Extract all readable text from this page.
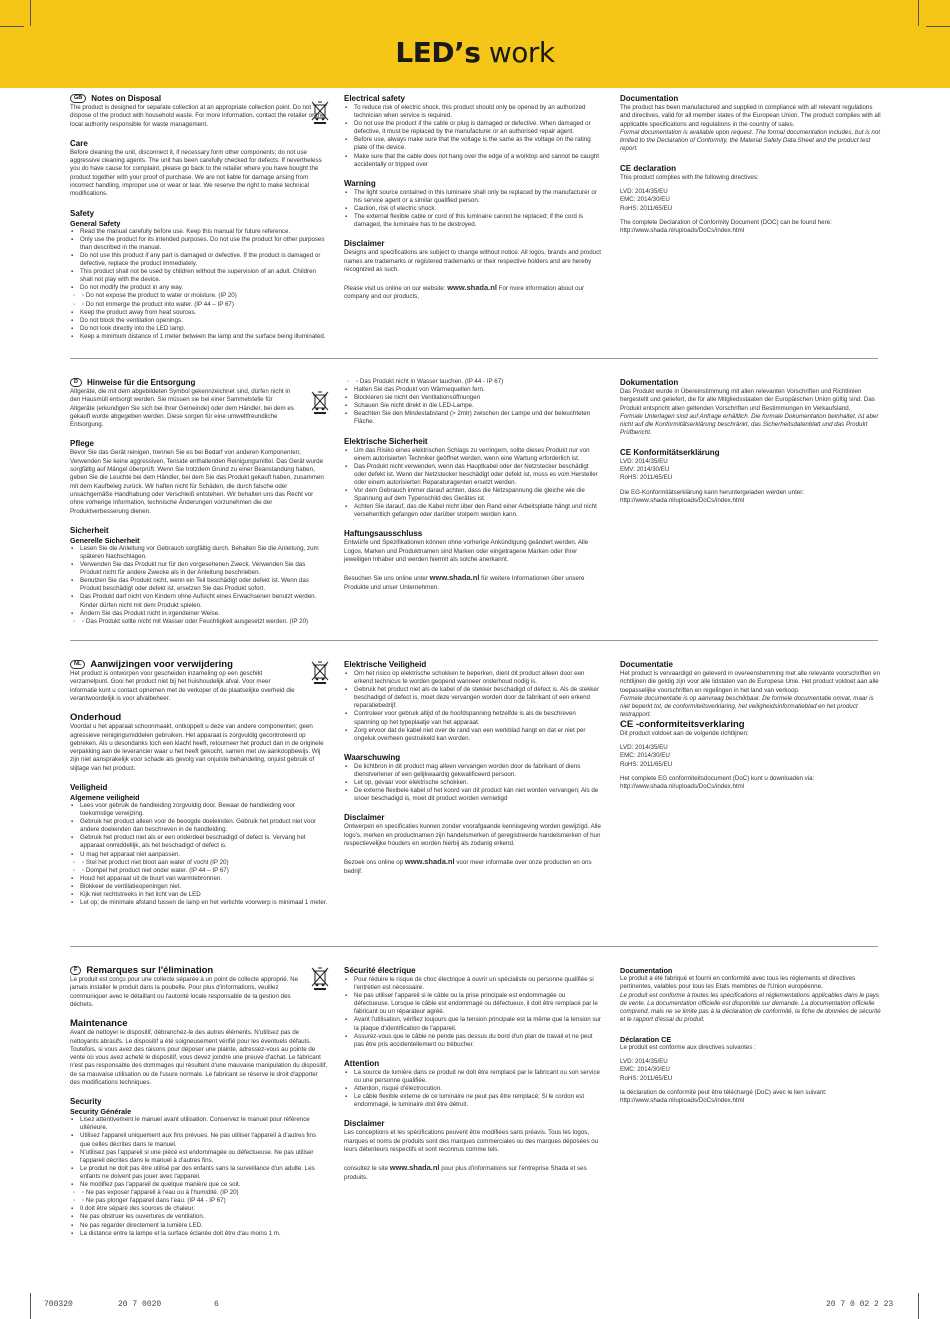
LED’s work

GB Notes on Disposal

The product is designed for separate collection at an appropriate collection point. Do not dispose of the product with household waste. For more information, contact the retailer or the local authority responsible for waste management.

Care

Before cleaning the unit, disconnect it, if necessary form other components; do not use aggressive cleaning agents. The unit has been carefully checked for defects. If nevertheless you do have cause for complaint, please go back to the retailer where you have bought the product together with your proof of purchase. We are not liable for damage arising from incorrect handling, improper use or wear or tear. We reserve the right to make technical modifications.

Safety

General Safety

▪ Read the manual carefully before use. Keep this manual for future reference.
▪ Only use the product for its intended purposes. Do not use the product for other purposes than described in the manual.
▪ Do not use this product if any part is damaged or defective. If the product is damaged or defective, replace the product immediately.
▪ This product shall not be used by children without the supervision of an adult. Children shall not play with the device.
▪ Do not modify the product in any way.
◦ ◦ Do not expose the product to water or moisture. (IP 20)
◦ ◦ Do not immerge the product into water. (IP 44 – IP 67)
▪ Keep the product away from heat sources.
▪ Do not block the ventilation openings.
▪ Do not look directly into the LED lamp.
▪ Keep a minimum distance of 1 meter between the lamp and the surface being illuminated.

Electrical safety

▪ To reduce risk of electric shock, this product should only be opened by an authorized technician when service is required.
▪ Do not use the product if the cable or plug is damaged or defective. When damaged or defective, it must be replaced by the manufacturer or an authorised repair agent.
▪ Before use, always make sure that the voltage is the same as the voltage on the rating plate of the device.
▪ Make sure that the cable does not hang over the edge of a worktop and cannot be caught accidentally or tripped over

Warning

▪ The light source contained in this luminaire shall only be replaced by the manufacturer or his service agent or a similar qualified person.
▪ Caution, risk of electric shock.
▪ The external flexible cable or cord of this luminaire cannot be replaced; if the cord is damaged, the luminaire has to be destroyed.

Disclaimer

Designs and specifications are subject to change without notice. All logos, brands and product names are trademarks or registered trademarks or their respective holders and are hereby recognized as such.

Please visit us online on our website: www.shada.nl For more information about our company and our products,

Documentation

The product has been manufactured and supplied in compliance with all relevant regulations and directives, valid for all member states of the European Union. The product complies with all applicable specifications and regulations in the country of sales.

Formal documentation is available upon request. The formal documentation includes, but is not limited to the Declaration of Conformity, the Material Safety Data Sheet and the product test report.

CE declaration

This product complies with the following directives:

LVD: 2014/35/EU

EMC: 2014/30/EU

RoHS: 2011/65/EU

The complete Declaration of Conformity Document (DOC) can be found here:

http://www.shada.nl/uploads/DoCs/index.html

D Hinweise für die Entsorgung

Altgeräte, die mit dem abgebildeten Symbol gekennzeichnet sind, dürfen nicht in den Hausmüll entsorgt werden. Sie müssen sie bei einer Sammelstelle für Altgeräte (erkundigen Sie sich bei Ihrer Gemeinde) oder dem Händler, bei dem es gekauft wurde abgegeben werden. Diese sorgen für eine umweltfreundliche Entsorgung.

Pflege

Bevor Sie das Gerät reinigen, trennen Sie es bei Bedarf von anderen Komponenten; Verwenden Sie keine aggressiven, Tenside enthaltenden Reinigungsmittel. Das Gerät wurde sorgfältig auf Mängel überprüft. Wenn Sie trotzdem Grund zu einer Beanstandung haben, geben Sie die Leuchte bei dem Händler, bei dem Sie das Produkt gekauft haben, zusammen mit dem Kaufbeleg zurück. Wir haften nicht für Schäden, die durch falsche oder unsachgemäße Handhabung oder Verschleiß entstehen. Wir behalten uns das Recht vor ohne vorherige Information, technische Änderungen vorzunehmen die der Produktverbesserung dienen.

Sicherheit

Generelle Sicherheit

▪ Lesen Sie die Anleitung vor Gebrauch sorgfältig durch. Behalten Sie die Anleitung, zum späteren Nachschlagen.
▪ Verwenden Sie das Produkt nur für den vorgesehenen Zweck. Verwenden Sie das Produkt nicht für andere Zwecke als in der Anleitung beschrieben.
▪ Benutzen Sie das Produkt nicht, wenn ein Teil beschädigt oder defekt ist. Wenn das Produkt beschädigt oder defekt ist, ersetzen Sie das Produkt sofort.
▪ Das Produkt darf nicht von Kindern ohne Aufsicht eines Erwachsenen benutzt werden. Kinder dürfen nicht mit dem Produkt spielen.
▪ Ändern Sie das Produkt nicht in irgendeiner Weise.
◦ ◦ Das Produkt sollte nicht mit Wasser oder Feuchtigkeit ausgesetzt werden. (IP 20)
◦ ◦ Das Produkt nicht in Wasser tauchen. (IP 44 - IP 67)
▪ Halten Sie das Produkt von Wärmequellen fern.
▪ Blockieren sie nicht den Ventilationsöffnungen
▪ Schauen Sie nicht direkt in die LED-Lampe.
▪ Beachten Sie den Mindestabstand (> 2mtr) zwischen der Lampe und der beleuchteten Fläche.

Elektrische Sicherheit

▪ Um das Risiko eines elektrischen Schlags zu verringern, sollte dieses Produkt nur von einem autorisierten Techniker geöffnet werden, wenn eine Wartung erforderlich ist.
▪ Das Produkt nicht verwenden, wenn das Hauptkabel oder der Netzstecker beschädigt oder defekt ist. Wenn der Netzstecker beschädigt oder defekt ist, muss es vom Hersteller oder einem autorisierten Reparaturagenten ersetzt werden.
▪ Vor dem Gebrauch immer darauf achten, dass die Netzspannung die gleiche wie die Spannung auf dem Typenschild des Gerätes ist.
▪ Achten Sie darauf, das die Kabel nicht über den Rand einer Arbeitsplatte hängt und nicht versehentlich gefangen oder darüber stolpern werden kann.

Haftungsausschluss

Entwürfe und Spezifikationen können ohne vorherige Ankündigung geändert werden. Alle Logos, Marken und Produktnamen sind Marken oder eingetragene Marken oder Ihrer jeweiligen Inhaber und werden hiermit als solche anerkannt.

Besuchen Sie uns online unter www.shada.nl für weitere Informationen über unsere Produkte und unser Unternehmen.

Dokumentation

Das Produkt wurde in Übereinstimmung mit allen relevanten Vorschriften und Richtlinien hergestellt und geliefert, die für alle Mitgliedsstaaten der Europäischen Union gültig sind. Das Produkt entspricht allen geltenden Vorschriften und Bestimmungen im Verkaufsland.

Formale Unterlagen sind auf Anfrage erhältlich. Die formale Dokumentation beinhaltet, ist aber nicht auf die Konformitätserklärung beschränkt, das Sicherheitsdatenblatt und das Produkt Prüfbericht.

CE Konformitätserklärung

LVD: 2014/35/EU

EMV: 2014/30/EU

RoHS: 2011/65/EU

Die EG-Konformitätserklärung kann heruntergeladen werden unter:

http://www.shada.nl/uploads/DoCs/index.html

NL Aanwijzingen voor verwijdering

Het product is ontworpen voor gescheiden inzameling op een geschikt verzamelpunt. Gooi het product niet bij het huishoudelijk afval. Voor meer informatie kunt u contact opnemen met de verkoper of de plaatselijke overheid die verantwoordelijk is voor afvalbeheer.

Onderhoud

Voordat u het apparaat schoonmaakt, ontkoppelt u deze van andere componenten; geen agressieve reinigingsmiddelen gebruiken. Het apparaat is zorgvuldig gecontroleerd op gebreken. Als u desondanks toch een klacht heeft, retourneer het product dan in de originele verpakking aan de leverancier waar u het heeft gekocht, samen met uw aankoopbewijs. Wij zijn niet aansprakelijk voor schade als gevolg van onjuiste behandeling, onjuist gebruik of slijtage van het product.

Veiligheid

Algemene veiligheid

▪ Lees voor gebruik de handleiding zorgvuldig door. Bewaar de handleiding voor toekomstige verwijzing.
▪ Gebruik het product alleen voor de beoogde doeleinden. Gebruik het product niet voor andere doeleinden dan beschreven in de handleiding.
▪ Gebruik het product niet als er een onderdeel beschadigd of defect is. Vervang het apparaat onmiddellijk, als het beschadigd of defect is.
▪ U mag het apparaat niet aanpassen.
◦ ◦ Stel het product niet bloot aan water of vocht (IP 20)
◦ ◦ Dompel het product niet onder water. (IP 44 – IP 67)
▪ Houd het apparaat uit de buurt van warmtebronnen.
▪ Blokkeer de ventilatieopeningen niet.
▪ Kijk niet rechtstreeks in het licht van de LED
▪ Let op; de minimale afstand tussen de lamp en het verlichte voorwerp is minimaal 1 meter.

Elektrische Veiligheid

▪ Om het risico op elektrische schokken te beperken, dient dit product alleen door een erkend technicus te worden geopend wanneer onderhoud nodig is.
▪ Gebruik het product niet als de kabel of de stekker beschadigd of defect is. Als de stekker beschadigd of defect is, moet deze vervangen worden door de fabrikant of een erkend reparatiebedrijf.
▪ Controleer voor gebruik altijd of de hoofdspanning hetzelfde is als de beschreven spanning op het typeplaatje van het apparaat.
▪ Zorg ervoor dat de kabel niet over de rand van een werkblad hangt en dat er niet per ongeluk overheen gestruikeld kan worden.

Waarschuwing

▪ De lichtbron in dit product mag alleen vervangen worden door de fabrikant of diens dienstverlener of een gelijkwaardig gekwalificeerd persoon.
▪ Let op, gevaar voor elektrische schokken.
▪ De externe flexibele kabel of het koord van dit product kan niet worden vervangen; Als de snoer beschadigd is, moet dit product worden vernietigd

Disclaimer

Ontwerpen en specificaties kunnen zonder voorafgaande kennisgeving worden gewijzigd. Alle logo's, merken en productnamen zijn handelsmerken of geregistreerde handelsmerken of hun respectievelijke houders en worden hierbij als zodanig erkend.

Bezoek ons online op www.shada.nl voor meer informatie over onze producten en ons bedrijf.

Documentatie

Het product is vervaardigd en geleverd in overeenstemming met alle relevante voorschriften en richtlijnen die geldig zijn voor alle lidstaten van de Europese Unie. Het product voldoet aan alle toepasselijke voorschriften en regelingen in het land van verkoop.

Formele documentatie is op aanvraag beschikbaar. De formele documentatie omvat, maar is niet beperkt tot, de conformiteitsverklaring, het veiligheidsinformatieblad en het product testrapport.

CE -conformiteitsverklaring

Dit product voldoet aan de volgende richtlijnen:

LVD: 2014/35/EU

EMC: 2014/30/EU

RoHS: 2011/65/EU

Het complete EG conformiteitsdocument (DoC) kunt u downloaden via:

http://www.shada.nl/uploads/DoCs/index.html

F Remarques sur l'élimination

Le produit est conçu pour une collecte séparée à un point de collecte approprié. Ne jamais installer le produit dans la poubelle. Pour plus d'informations, veuillez communiquer avec le détaillant ou l'autorité locale responsable de la gestion des déchets.

Maintenance

Avant de nettoyer le dispositif, débranchez-le des autres éléments. N'utilisez pas de nettoyants abrasifs. Le dispositif a été soigneusement vérifié pour les éventuels défauts. Toutefois, si vous avez des raisons pour déposer une plainte, adressez-vous au pointe de vente où vous avez acheté le dispositif, vous devez joindre une preuve d'achat. Le fabricant n'est pas responsable des dommages qui résultent d'une mauvaise manipulation du dispositif, de sa mauvaise utilisation ou de l'usure normale. Le fabricant se réserve le droit d'apporter des modifications techniques.

Security

Security Générale

▪ Lisez attentivement le manuel avant utilisation. Conservez le manuel pour référence ultérieure.
▪ Utilisez l'appareil uniquement aux fins prévues. Ne pas utiliser l'appareil à d'autres fins que celles décrites dans le manuel.
▪ N'utilisez pas l'appareil si une pièce est endommagée ou défectueuse. Ne pas utiliser l'appareil décrites dans le manuel à d'autres fins.
▪ Le produit ne doit pas être utilisé par des enfants sans la surveillance d'un adulte. Les enfants ne doivent pas jouer avec l'appareil.
▪ Ne modifiez pas l'appareil de quelque manière que ce soit.
◦ ◦ Ne pas exposer l'appareil à l'eau ou à l'humidité. (IP 20)
◦ ◦ Ne pas plonger l'appareil dans l'eau. (IP 44 - IP 67)
▪ Il doit être séparé des sources de chaleur.
▪ Ne pas obstruer les ouvertures de ventilation.
▪ Ne pas regarder directement la lumière LED.
▪ La distance entre la lampe et la surface éclairée doit être d'au moins 1 m.

Sécurité électrique

▪ Pour réduire le risque de choc électrique à ouvrir un spécialiste ou personne qualifiée si l'entretien est nécessaire.
▪ Ne pas utiliser l'appareil si le câble ou la prise principale est endommagée ou défectueuse. Lorsque le câble est endommagé ou défectueux, il doit être remplacé par le fabricant ou un réparateur agréé.
▪ Avant l'utilisation, vérifiez toujours que la tension principale est la même que la tension sur la plaque d'identification de l'appareil.
▪ Assurez-vous que le câble ne pende pas dessus du bord d'un plan de travail et ne peut pas être pris accidentellement ou trébucher.

Attention

▪ La source de lumière dans ce produit ne doit être remplacé par le fabricant ou son service ou une personne qualifiée.
▪ Attention, risqué d'électrocution.
▪ Le câble flexible externe de ce luminaire ne peut pas être remplacé; Si le cordon est endommagé, le luminaire doit être détruit.

Disclaimer

Les conceptions et les spécifications peuvent être modifiées sans préavis. Tous les logos, marques et noms de produits sont des marques commerciales ou des marques déposées ou leurs détenteurs respectifs et sont reconnus comme tels.

consultez le site www.shada.nl pour plus d'informations sur l'entreprise Shada et ses produits.

Documentation

Le produit a été fabriqué et fourni en conformité avec tous les règlements et directives pertinentes, valables pour tous les Etats membres de l'Union européenne.

Le produit est conforme à toutes les spécifications et réglementations applicables dans le pays de vente. La documentation officielle est disponible sur demande. La documentation officielle comprend, mais ne se limite pas à la déclaration de conformité, la fiche de données de sécurité et le rapport d'essai du produit.

Déclaration CE

Le produit est conforme aux directives suivantes :

LVD: 2014/35/EU

EMC: 2014/30/EU

RoHS: 2011/65/EU

la déclaration de conformité peut être téléchargé (DoC) avec le lien suivant:

http://www.shada.nl/uploads/DoCs/index.html

700320	20 7 0020	6	20 7 0 02 2 23
